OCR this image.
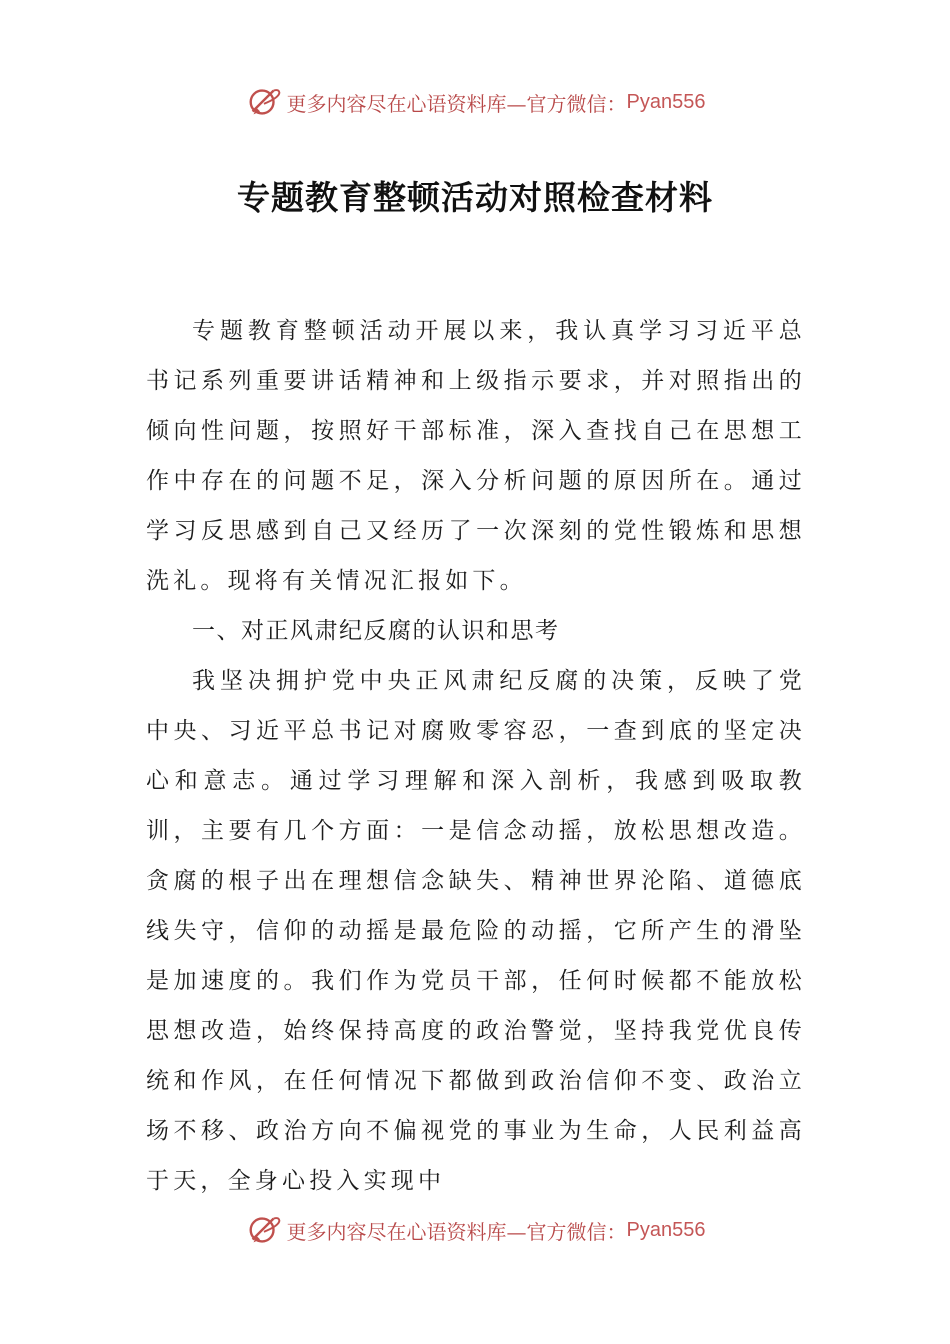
更多内容尽在心语资料库—官方微信： Pyan556
专题教育整顿活动对照检查材料

专题教育整顿活动开展以来，我认真学习习近平总书记系列重要讲话精神和上级指示要求，并对照指出的倾向性问题，按照好干部标准，深入查找自己在思想工作中存在的问题不足，深入分析问题的原因所在。通过学习反思感到自己又经历了一次深刻的党性锻炼和思想洗礼。现将有关情况汇报如下。

一、对正风肃纪反腐的认识和思考

我坚决拥护党中央正风肃纪反腐的决策，反映了党中央、习近平总书记对腐败零容忍，一查到底的坚定决心和意志。通过学习理解和深入剖析，我感到吸取教训，主要有几个方面：一是信念动摇，放松思想改造。贪腐的根子出在理想信念缺失、精神世界沦陷、道德底线失守，信仰的动摇是最危险的动摇，它所产生的滑坠是加速度的。我们作为党员干部，任何时候都不能放松思想改造，始终保持高度的政治警觉，坚持我党优良传统和作风，在任何情况下都做到政治信仰不变、政治立场不移、政治方向不偏视党的事业为生命，人民利益高于天，全身心投入实现中

更多内容尽在心语资料库—官方微信： Pyan556
